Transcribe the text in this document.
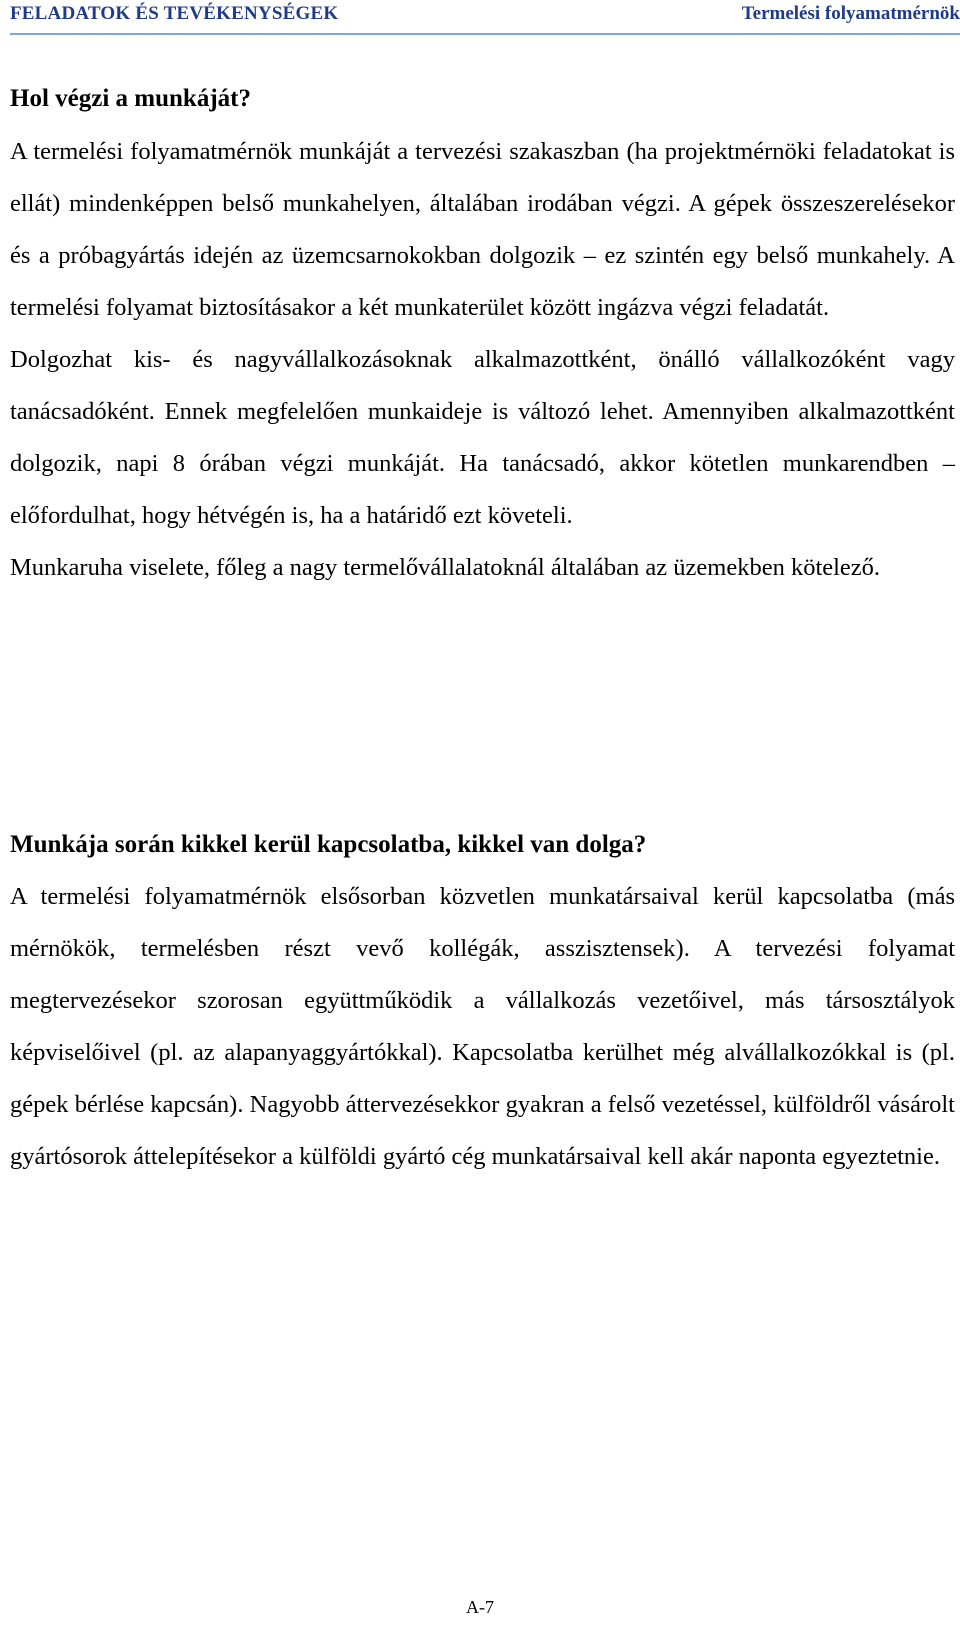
FELADATOK ÉS TEVÉKENYSÉGEK	Termelési folyamatmérnök
Hol végzi a munkáját?

A termelési folyamatmérnök munkáját a tervezési szakaszban (ha projektmérnöki feladatokat is ellát) mindenképpen belső munkahelyen, általában irodában végzi. A gépek összeszerelésekor és a próbagyártás idején az üzemcsarnokokban dolgozik – ez szintén egy belső munkahely. A termelési folyamat biztosításakor a két munkaterület között ingázva végzi feladatát.

Dolgozhat kis- és nagyvállalkozásoknak alkalmazottként, önálló vállalkozóként vagy tanácsadóként. Ennek megfelelően munkaideje is változó lehet. Amennyiben alkalmazottként dolgozik, napi 8 órában végzi munkáját. Ha tanácsadó, akkor kötetlen munkarendben – előfordulhat, hogy hétvégén is, ha a határidő ezt követeli.

Munkaruha viselete, főleg a nagy termelővállalatoknál általában az üzemekben kötelező.

Munkája során kikkel kerül kapcsolatba, kikkel van dolga?

A termelési folyamatmérnök elsősorban közvetlen munkatársaival kerül kapcsolatba (más mérnökök, termelésben részt vevő kollégák, asszisztensek). A tervezési folyamat megtervezésekor szorosan együttműködik a vállalkozás vezetőivel, más társosztályok képviselőivel (pl. az alapanyaggyártókkal). Kapcsolatba kerülhet még alvállalkozókkal is (pl. gépek bérlése kapcsán). Nagyobb áttervezésekkor gyakran a felső vezetéssel, külföldről vásárolt gyártósorok áttelepítésekor a külföldi gyártó cég munkatársaival kell akár naponta egyeztetnie.

A-7
